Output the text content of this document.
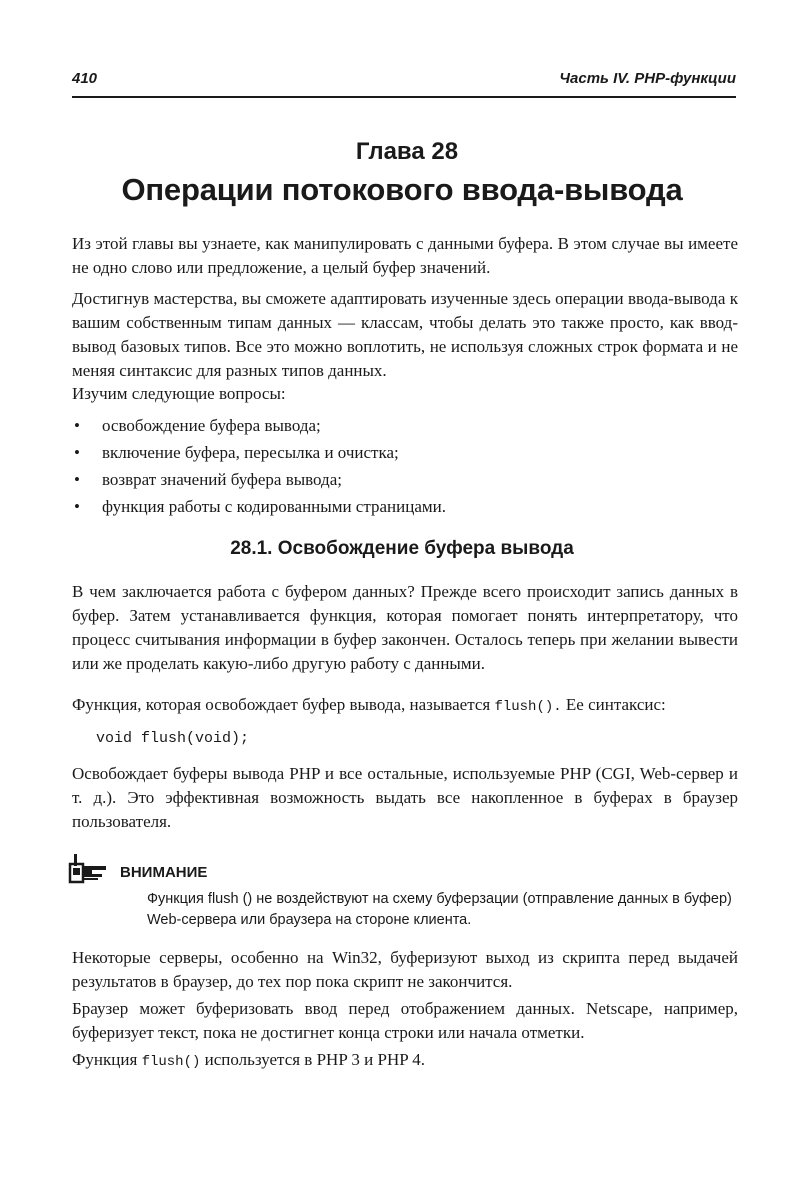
410	Часть IV. PHP-функции
Глава 28
Операции потокового ввода-вывода

Из этой главы вы узнаете, как манипулировать с данными буфера. В этом случае вы имеете не одно слово или предложение, а целый буфер значений.

Достигнув мастерства, вы сможете адаптировать изученные здесь операции ввода-вывода к вашим собственным типам данных — классам, чтобы делать это также просто, как ввод-вывод базовых типов. Все это можно воплотить, не используя сложных строк формата и не меняя синтаксис для разных типов данных.

Изучим следующие вопросы:

• освобождение буфера вывода;
• включение буфера, пересылка и очистка;
• возврат значений буфера вывода;
• функция работы с кодированными страницами.
28.1. Освобождение буфера вывода

В чем заключается работа с буфером данных? Прежде всего происходит запись данных в буфер. Затем устанавливается функция, которая помогает понять интерпретатору, что процесс считывания информации в буфер закончен. Осталось теперь при желании вывести или же проделать какую-либо другую работу с данными.

Функция, которая освобождает буфер вывода, называется flush(). Ее синтаксис:

void flush(void);

Освобождает буферы вывода PHP и все остальные, используемые PHP (CGI, Web-сервер и т. д.). Это эффективная возможность выдать все накопленное в буферах в браузер пользователя.

ВНИМАНИЕ

Функция flush () не воздействуют на схему буферзации (отправление данных в буфер) Web-сервера или браузера на стороне клиента.

Некоторые серверы, особенно на Win32, буферизуют выход из скрипта перед выдачей результатов в браузер, до тех пор пока скрипт не закончится.

Браузер может буферизовать ввод перед отображением данных. Netscape, например, буферизует текст, пока не достигнет конца строки или начала отметки.

Функция flush() используется в PHP 3 и PHP 4.
